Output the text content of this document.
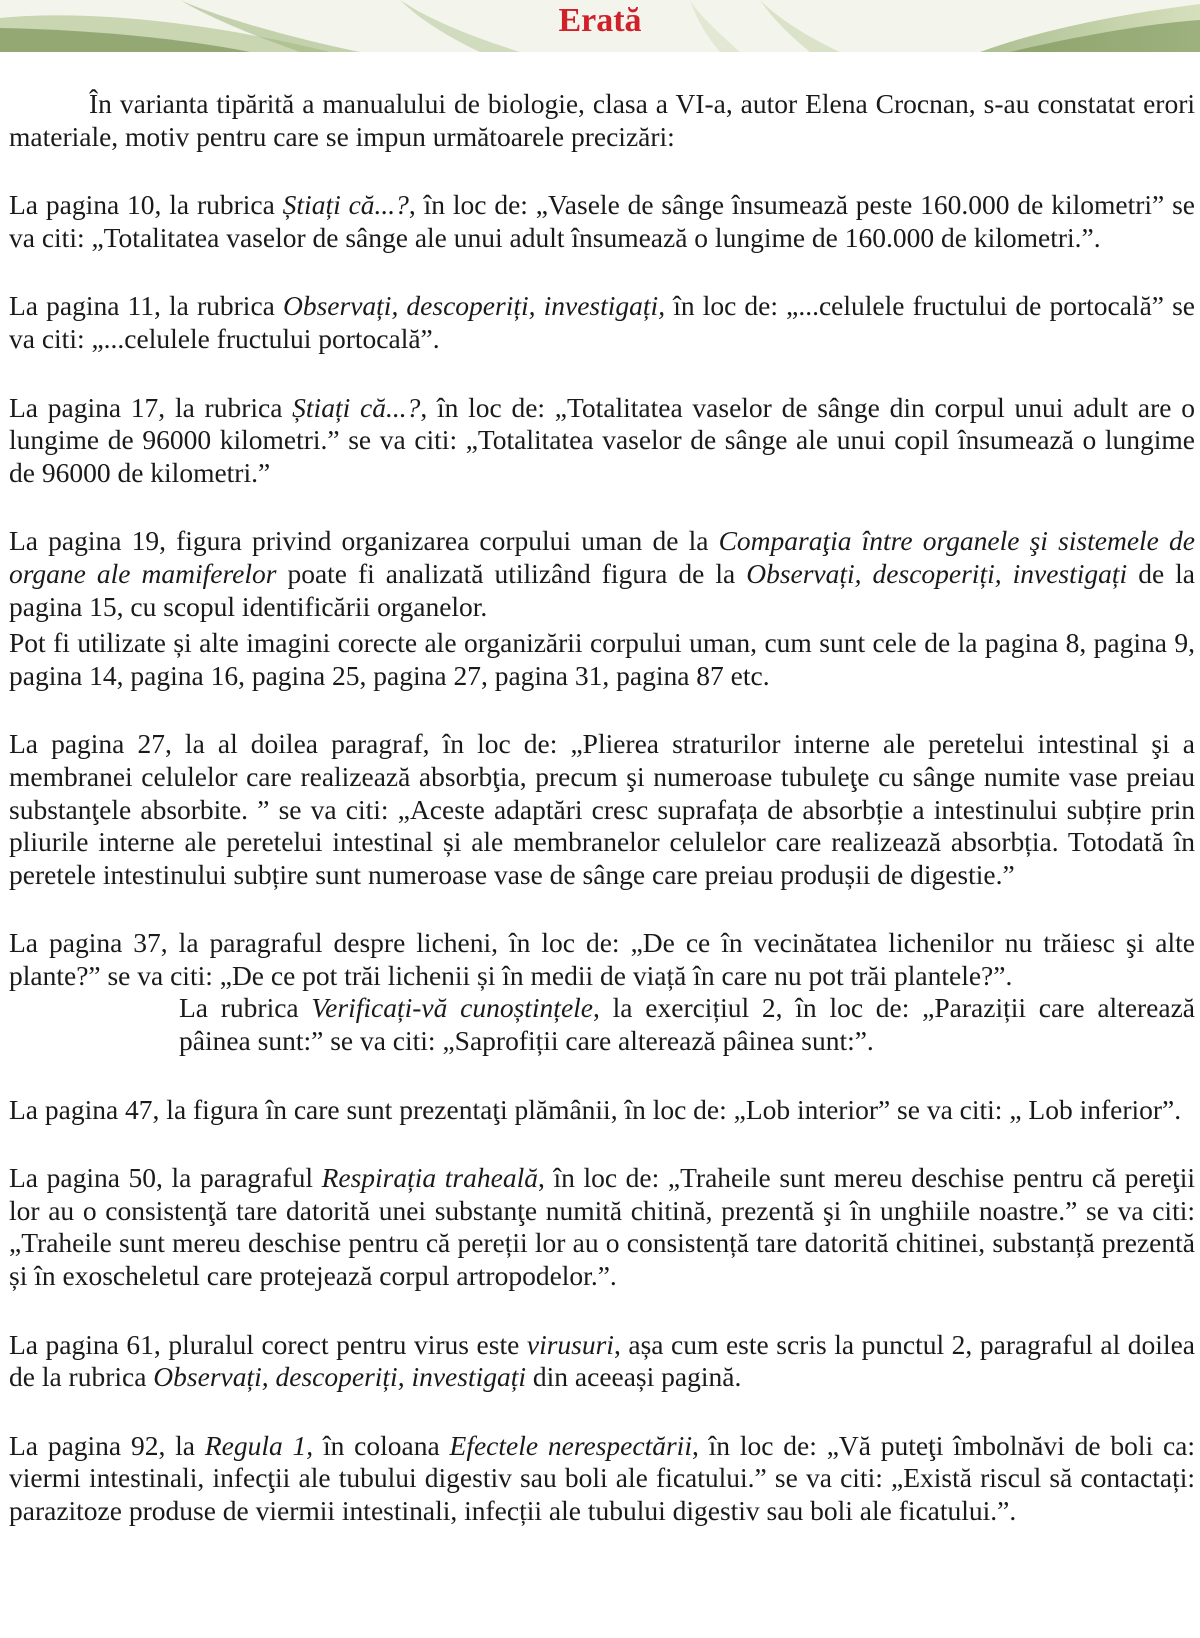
Erată

În varianta tipărită a manualului de biologie, clasa a VI-a, autor Elena Crocnan, s-au constatat erori materiale, motiv pentru care se impun următoarele precizări:

La pagina 10, la rubrica Știați că...?, în loc de: „Vasele de sânge însumează peste 160.000 de kilometri” se va citi: „Totalitatea vaselor de sânge ale unui adult însumează o lungime de 160.000 de kilometri.”.

La pagina 11, la rubrica Observați, descoperiți, investigați, în loc de: „...celulele fructului de portocală” se va citi: „...celulele fructului portocală”.

La pagina 17, la rubrica Știați că...?, în loc de: „Totalitatea vaselor de sânge din corpul unui adult are o lungime de 96000 kilometri.” se va citi: „Totalitatea vaselor de sânge ale unui copil însumează o lungime de 96000 de kilometri.”

La pagina 19, figura privind organizarea corpului uman de la Comparaţia între organele şi sistemele de organe ale mamiferelor poate fi analizată utilizând figura de la Observați, descoperiți, investigați de la pagina 15, cu scopul identificării organelor.

Pot fi utilizate și alte imagini corecte ale organizării corpului uman, cum sunt cele de la pagina 8, pagina 9, pagina 14, pagina 16, pagina 25, pagina 27, pagina 31, pagina 87 etc.

La pagina 27, la al doilea paragraf, în loc de: „Plierea straturilor interne ale peretelui intestinal şi a membranei celulelor care realizează absorbţia, precum şi numeroase tubuleţe cu sânge numite vase preiau substanţele absorbite. ” se va citi: „Aceste adaptări cresc suprafața de absorbție a intestinului subțire prin pliurile interne ale peretelui intestinal și ale membranelor celulelor care realizează absorbția. Totodată în peretele intestinului subțire sunt numeroase vase de sânge care preiau produșii de digestie.”

La pagina 37, la paragraful despre licheni, în loc de: „De ce în vecinătatea lichenilor nu trăiesc şi alte plante?” se va citi: „De ce pot trăi lichenii și în medii de viață în care nu pot trăi plantele?”.

La rubrica Verificați-vă cunoștințele, la exercițiul 2, în loc de: „Paraziții care alterează pâinea sunt:” se va citi: „Saprofiții care alterează pâinea sunt:”.

La pagina 47, la figura în care sunt prezentaţi plămânii, în loc de: „Lob interior” se va citi: „ Lob inferior”.

La pagina 50, la paragraful Respirația traheală, în loc de: „Traheile sunt mereu deschise pentru că pereţii lor au o consistenţă tare datorită unei substanţe numită chitină, prezentă şi în unghiile noastre.” se va citi: „Traheile sunt mereu deschise pentru că pereții lor au o consistență tare datorită chitinei, substanță prezentă și în exoscheletul care protejează corpul artropodelor.”.

La pagina 61, pluralul corect pentru virus este virusuri, așa cum este scris la punctul 2, paragraful al doilea de la rubrica Observați, descoperiți, investigați din aceeași pagină.

La pagina 92, la Regula 1, în coloana Efectele nerespectării, în loc de: „Vă puteţi îmbolnăvi de boli ca: viermi intestinali, infecţii ale tubului digestiv sau boli ale ficatului.” se va citi: „Există riscul să contactați: parazitoze produse de viermii intestinali, infecții ale tubului digestiv sau boli ale ficatului.”.
